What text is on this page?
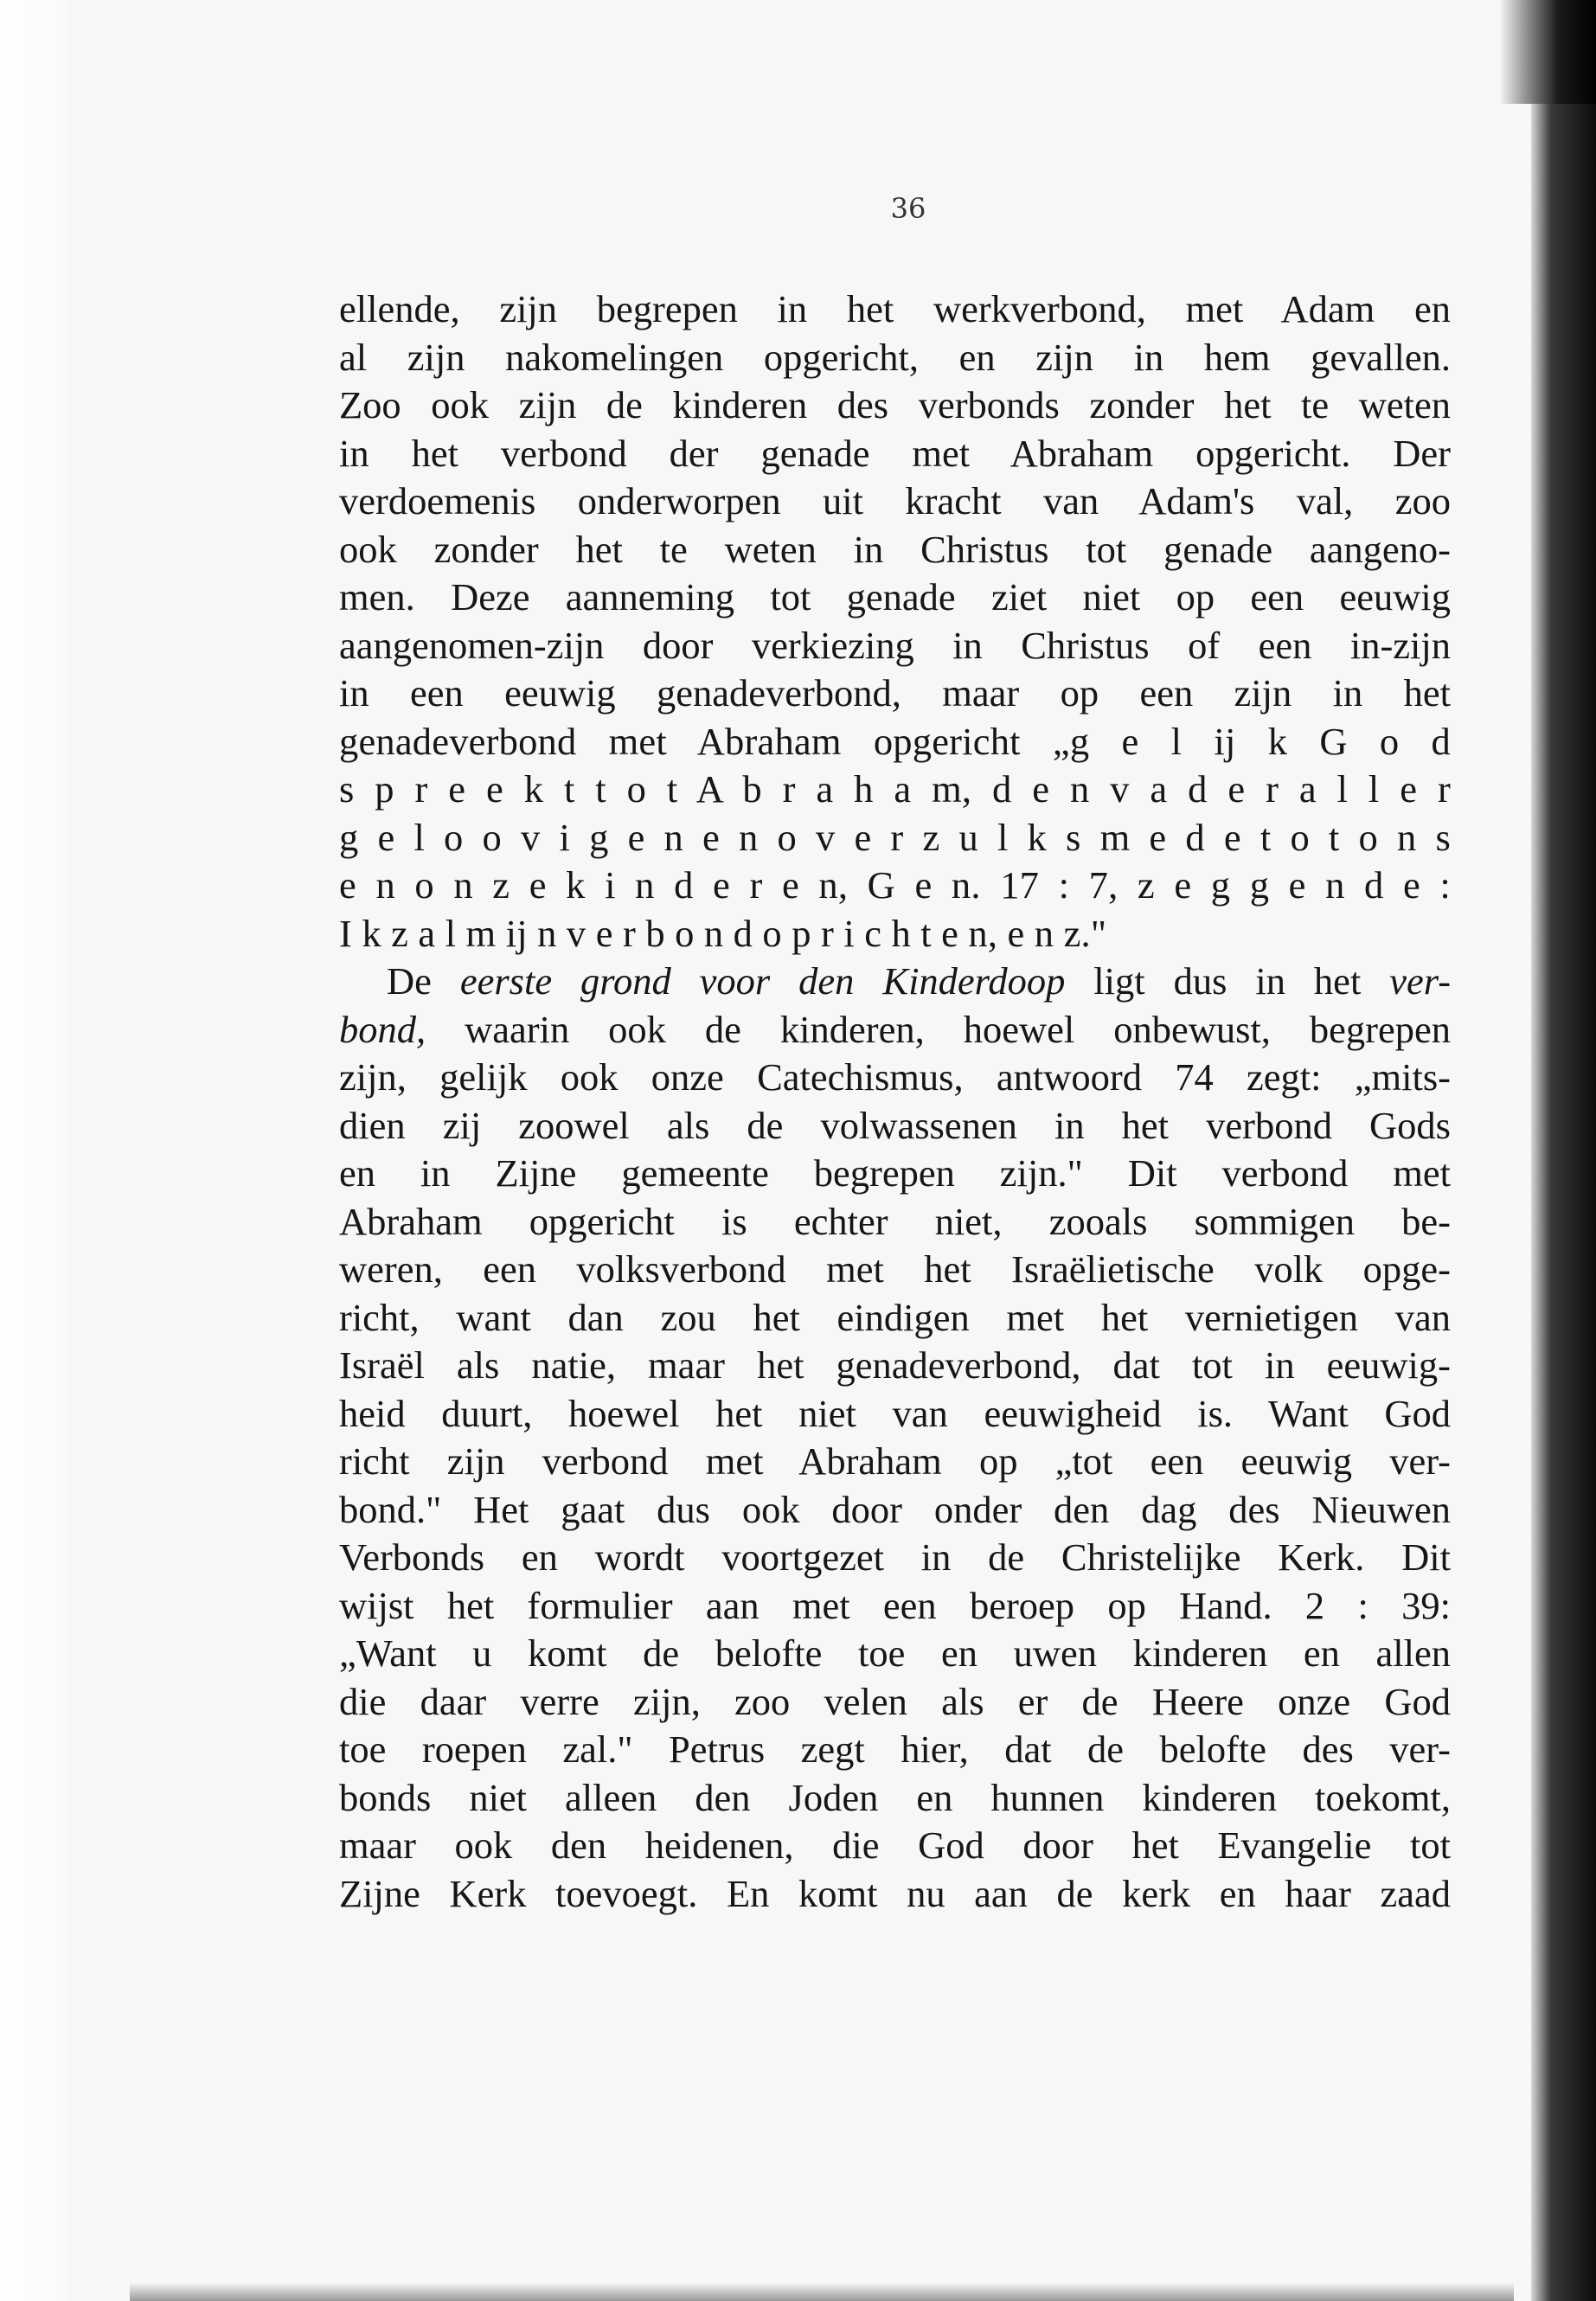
36
ellende, zijn begrepen in het werkverbond, met Adam en
al zijn nakomelingen opgericht, en zijn in hem gevallen.
Zoo ook zijn de kinderen des verbonds zonder het te weten
in het verbond der genade met Abraham opgericht. Der
verdoemenis onderworpen uit kracht van Adam's val, zoo
ook zonder het te weten in Christus tot genade aangeno-
men. Deze aanneming tot genade ziet niet op een eeuwig
aangenomen-zijn door verkiezing in Christus of een in-zijn
in een eeuwig genadeverbond, maar op een zijn in het
genadeverbond met Abraham opgericht „g e l ij k G o d
s p r e e k t t o t A b r a h a m, d e n v a d e r a l l e r
g e l o o v i g e n e n o v e r z u l k s m e d e t o t o n s
e n o n z e k i n d e r e n, G e n. 17 : 7, z e g g e n d e :
I k z a l m ij n v e r b o n d o p r i c h t e n, e n z."
De eerste grond voor den Kinderdoop ligt dus in het ver-
bond, waarin ook de kinderen, hoewel onbewust, begrepen
zijn, gelijk ook onze Catechismus, antwoord 74 zegt: „mits-
dien zij zoowel als de volwassenen in het verbond Gods
en in Zijne gemeente begrepen zijn." Dit verbond met
Abraham opgericht is echter niet, zooals sommigen be-
weren, een volksverbond met het Israëlietische volk opge-
richt, want dan zou het eindigen met het vernietigen van
Israël als natie, maar het genadeverbond, dat tot in eeuwig-
heid duurt, hoewel het niet van eeuwigheid is. Want God
richt zijn verbond met Abraham op „tot een eeuwig ver-
bond." Het gaat dus ook door onder den dag des Nieuwen
Verbonds en wordt voortgezet in de Christelijke Kerk. Dit
wijst het formulier aan met een beroep op Hand. 2 : 39:
„Want u komt de belofte toe en uwen kinderen en allen
die daar verre zijn, zoo velen als er de Heere onze God
toe roepen zal." Petrus zegt hier, dat de belofte des ver-
bonds niet alleen den Joden en hunnen kinderen toekomt,
maar ook den heidenen, die God door het Evangelie tot
Zijne Kerk toevoegt. En komt nu aan de kerk en haar zaad
